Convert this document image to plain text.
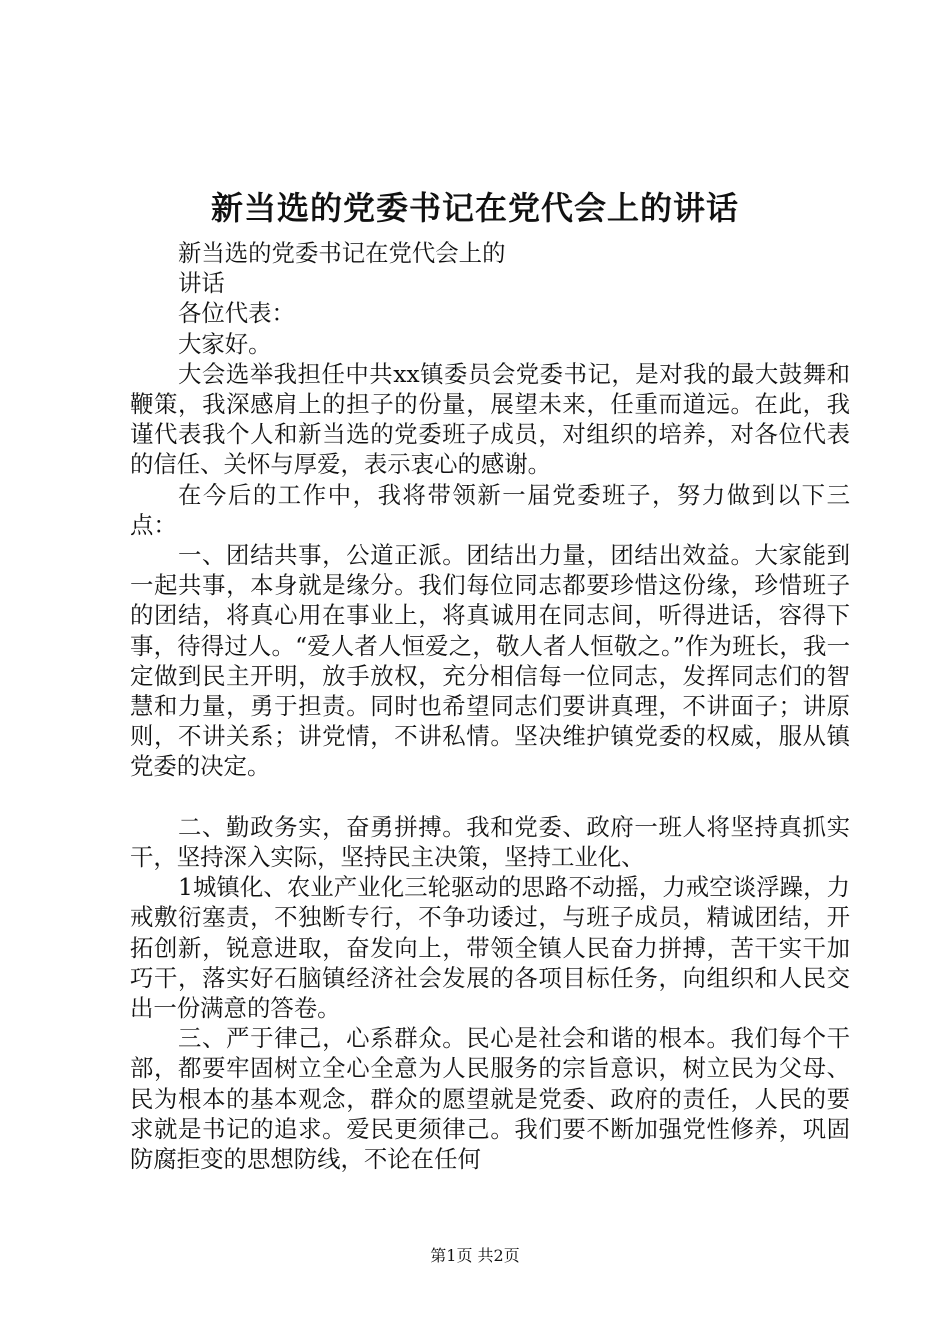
新当选的党委书记在党代会上的讲话

新当选的党委书记在党代会上的

讲话

各位代表：

大家好。

大会选举我担任中共xx镇委员会党委书记，是对我的最大鼓舞和鞭策，我深感肩上的担子的份量，展望未来，任重而道远。在此，我谨代表我个人和新当选的党委班子成员，对组织的培养，对各位代表的信任、关怀与厚爱，表示衷心的感谢。

在今后的工作中，我将带领新一届党委班子，努力做到以下三点：

一、团结共事，公道正派。团结出力量，团结出效益。大家能到一起共事，本身就是缘分。我们每位同志都要珍惜这份缘，珍惜班子的团结，将真心用在事业上，将真诚用在同志间，听得进话，容得下事，待得过人。“爱人者人恒爱之，敬人者人恒敬之。”作为班长，我一定做到民主开明，放手放权，充分相信每一位同志，发挥同志们的智慧和力量，勇于担责。同时也希望同志们要讲真理，不讲面子；讲原则，不讲关系；讲党情，不讲私情。坚决维护镇党委的权威，服从镇党委的决定。

二、勤政务实，奋勇拼搏。我和党委、政府一班人将坚持真抓实干，坚持深入实际，坚持民主决策，坚持工业化、

1城镇化、农业产业化三轮驱动的思路不动摇，力戒空谈浮躁，力戒敷衍塞责，不独断专行，不争功诿过，与班子成员，精诚团结，开拓创新，锐意进取，奋发向上，带领全镇人民奋力拼搏，苦干实干加巧干，落实好石脑镇经济社会发展的各项目标任务，向组织和人民交出一份满意的答卷。

三、严于律己，心系群众。民心是社会和谐的根本。我们每个干部，都要牢固树立全心全意为人民服务的宗旨意识，树立民为父母、民为根本的基本观念，群众的愿望就是党委、政府的责任，人民的要求就是书记的追求。爱民更须律己。我们要不断加强党性修养，巩固防腐拒变的思想防线，不论在任何

第1页 共2页
